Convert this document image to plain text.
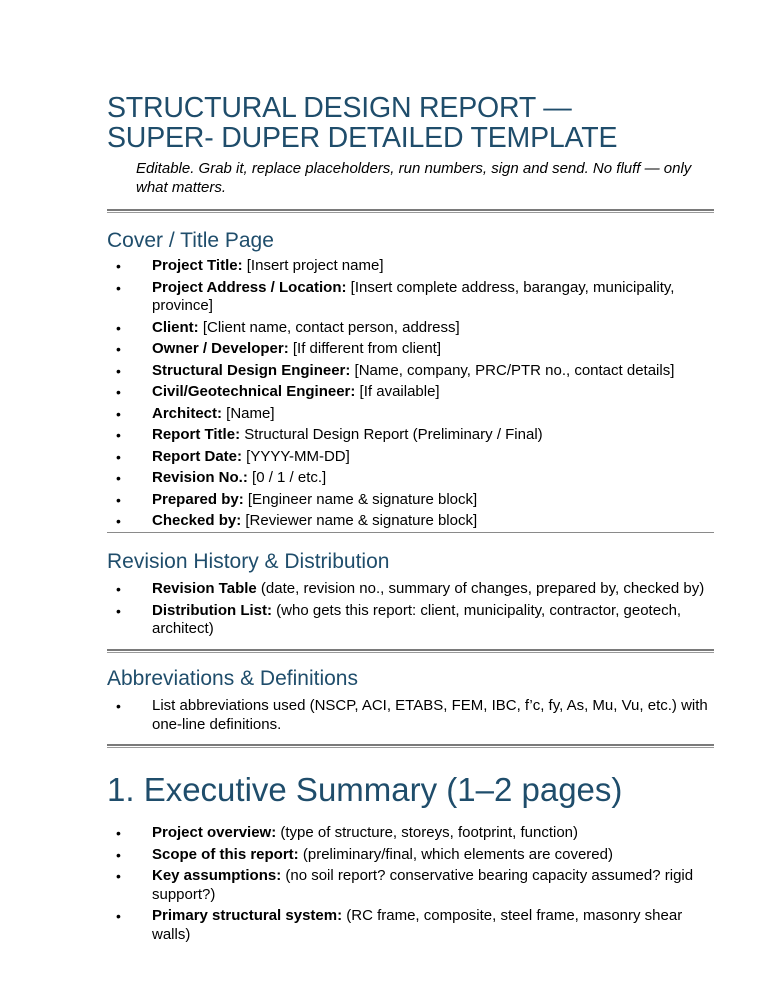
STRUCTURAL DESIGN REPORT —
SUPER- DUPER DETAILED TEMPLATE
Editable. Grab it, replace placeholders, run numbers, sign and send. No fluff — only what matters.
Cover / Title Page
• Project Title: [Insert project name]
• Project Address / Location: [Insert complete address, barangay, municipality, province]
• Client: [Client name, contact person, address]
• Owner / Developer: [If different from client]
• Structural Design Engineer: [Name, company, PRC/PTR no., contact details]
• Civil/Geotechnical Engineer: [If available]
• Architect: [Name]
• Report Title: Structural Design Report (Preliminary / Final)
• Report Date: [YYYY-MM-DD]
• Revision No.: [0 / 1 / etc.]
• Prepared by: [Engineer name & signature block]
• Checked by: [Reviewer name & signature block]
Revision History & Distribution
• Revision Table (date, revision no., summary of changes, prepared by, checked by)
• Distribution List: (who gets this report: client, municipality, contractor, geotech, architect)
Abbreviations & Definitions
• List abbreviations used (NSCP, ACI, ETABS, FEM, IBC, f’c, fy, As, Mu, Vu, etc.) with one-line definitions.
1. Executive Summary (1–2 pages)
• Project overview: (type of structure, storeys, footprint, function)
• Scope of this report: (preliminary/final, which elements are covered)
• Key assumptions: (no soil report? conservative bearing capacity assumed? rigid support?)
• Primary structural system: (RC frame, composite, steel frame, masonry shear walls)
